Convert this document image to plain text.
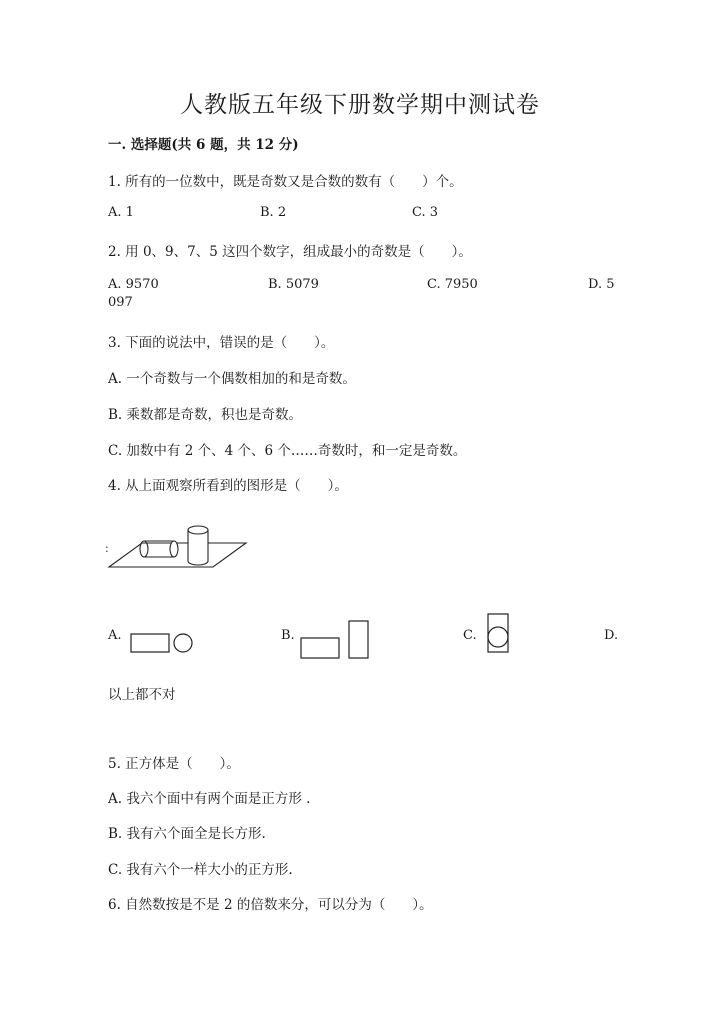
人教版五年级下册数学期中测试卷
一. 选择题(共 6 题，共 12 分)
1. 所有的一位数中，既是奇数又是合数的数有（　　）个。
A. 1	B. 2	C. 3
2. 用 0、9、7、5 这四个数字，组成最小的奇数是（　　）。
A. 9570	B. 5079	C. 7950	D. 5
097
3. 下面的说法中，错误的是（　　）。
A. 一个奇数与一个偶数相加的和是奇数。
B. 乘数都是奇数，积也是奇数。
C. 加数中有 2 个、4 个、6 个……奇数时，和一定是奇数。
4. 从上面观察所看到的图形是（　　）。
:
A.	B.	C.	D.
以上都不对
5. 正方体是（　　）。
A. 我六个面中有两个面是正方形 .
B. 我有六个面全是长方形.
C. 我有六个一样大小的正方形.
6. 自然数按是不是 2 的倍数来分，可以分为（　　）。
